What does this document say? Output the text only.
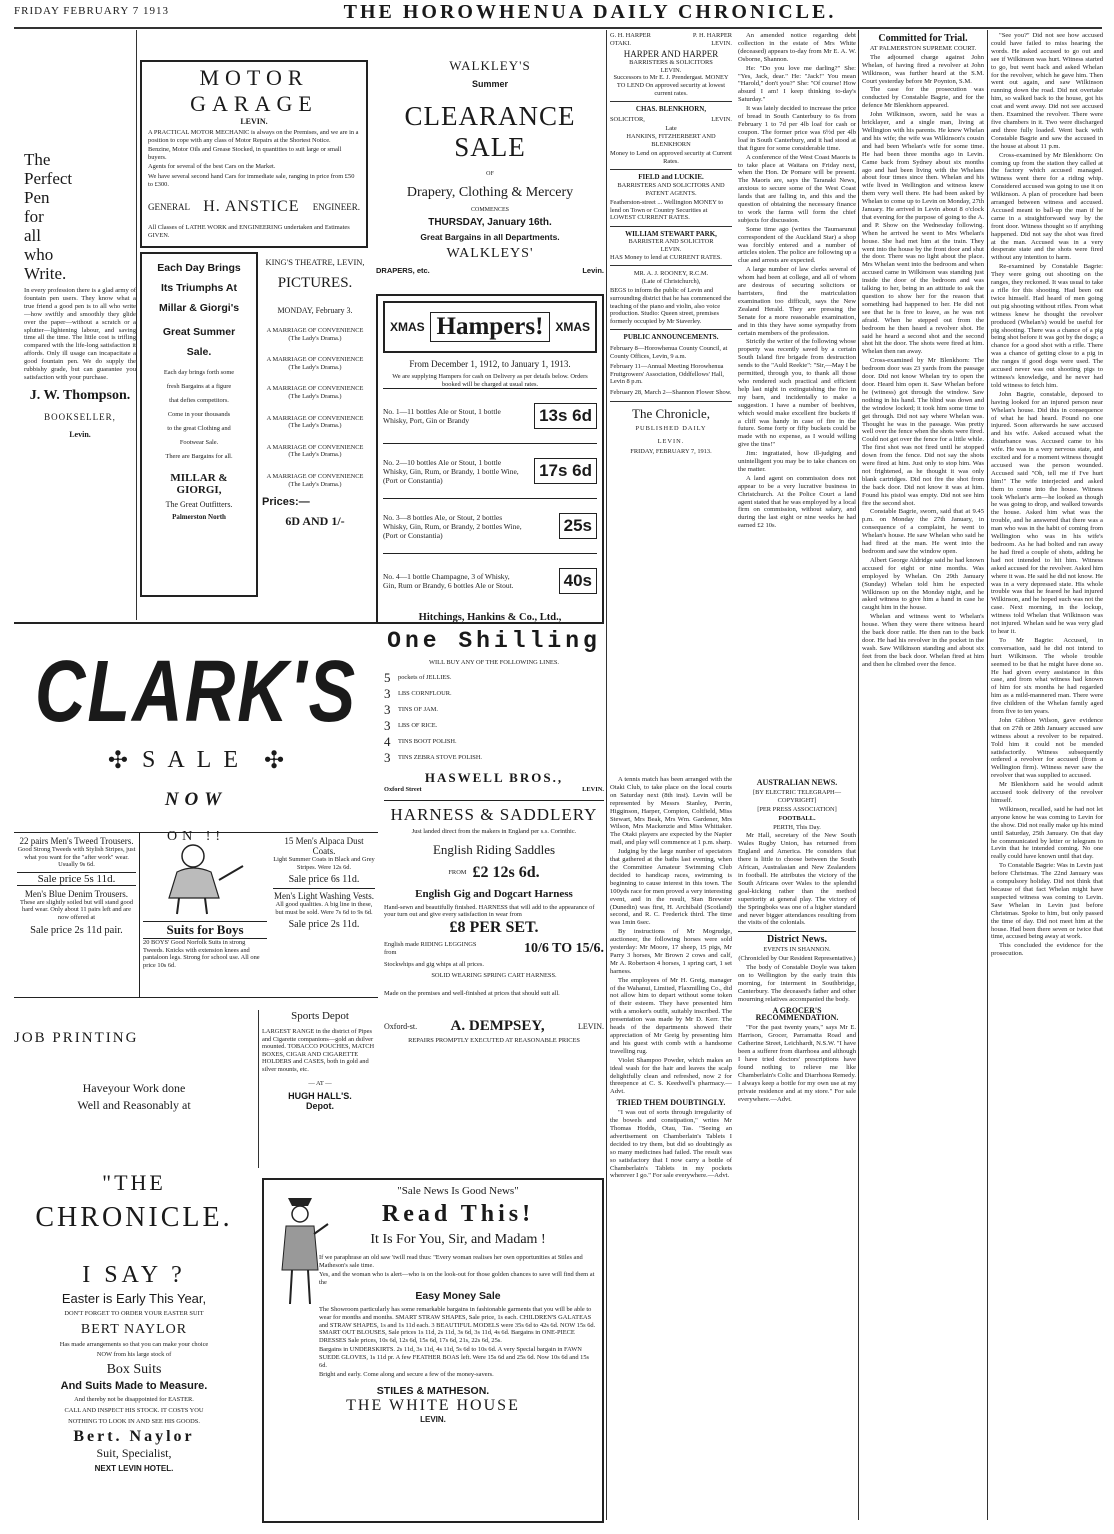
FRIDAY FEBRUARY 7 1913	THE HOROWHENUA DAILY CHRONICLE.
The
Perfect
Pen
for
all
who
Write.
In every profession there is a glad army of fountain pen users. They know what a true friend a good pen is to all who write—how swiftly and smoothly they glide over the paper—without a scratch or a splutter—lightening labour, and saving time all the time. The little cost is trifling compared with the life-long satisfaction it affords. Only ill usage can incapacitate a good fountain pen. We do supply the rubbishy grade, but can guarantee you satisfaction with your purchase.
J. W. Thompson.
BOOKSELLER,
Levin.
MOTOR GARAGE
LEVIN.
A PRACTICAL MOTOR MECHANIC is always on the Premises, and we are in a position to cope with any class of Motor Repairs at the Shortest Notice.
Benzine, Motor Oils and Grease Stocked, in quantities to suit large or small buyers.
Agents for several of the best Cars on the Market.
We have several second hand Cars for immediate sale, ranging in price from £50 to £300.
GENERAL H. ANSTICE ENGINEER.
All Classes of LATHE WORK and ENGINEERING undertaken and Estimates GIVEN.
Each Day Brings
Its Triumphs At
Millar & Giorgi's
Great Summer
Sale.
Each day brings forth some
fresh Bargains at a figure
that defies competitors.
Come in your thousands
to the great Clothing and
Footwear Sale.
There are Bargains for all.
MILLAR & GIORGI,
The Great Outfitters.
Palmerston North
KING'S THEATRE, LEVIN,
PICTURES.
MONDAY, February 3.
A MARRIAGE OF CONVENIENCE
(The Lady's Drama.)
A MARRIAGE OF CONVENIENCE
(The Lady's Drama.)
A MARRIAGE OF CONVENIENCE
(The Lady's Drama.)
A MARRIAGE OF CONVENIENCE
(The Lady's Drama.)
A MARRIAGE OF CONVENIENCE
(The Lady's Drama.)
A MARRIAGE OF CONVENIENCE
(The Lady's Drama.)
Prices:—
6D AND 1/-
WALKLEY'S
Summer
CLEARANCE SALE
OF
Drapery, Clothing & Mercery
COMMENCES
THURSDAY, January 16th.
Great Bargains in all Departments.
WALKLEYS'
DRAPERS, etc.	Levin.
XMAS Hampers! XMAS
From December 1, 1912, to January 1, 1913.
We are supplying Hampers for cash on Delivery as per details below. Orders booked will be charged at usual rates.
No. 1—11 bottles Ale or Stout, 1 bottle Whisky, Port, Gin or Brandy	13s 6d
No. 2—10 bottles Ale or Stout, 1 bottle Whisky, Gin, Rum, or Brandy, 1 bottle Wine, (Port or Constantia)	17s 6d
No. 3—8 bottles Ale, or Stout, 2 bottles Whisky, Gin, Rum, or Brandy, 2 bottles Wine, (Port or Constantia)	25s
No. 4—1 bottle Champagne, 3 of Whisky, Gin, Rum or Brandy, 6 bottles Ale or Stout.	40s
Hitchings, Hankins & Co., Ltd.,
CLARK'S
✣ SALE ✣
NOW
ON !!
22 pairs Men's Tweed Trousers.
Good Strong Tweeds with Stylish Stripes, just what you want for the "after work" wear. Usually 9s 6d.
Sale price 5s 11d.
Men's Blue Denim Trousers.
These are slightly soiled but will stand good hard wear. Only about 11 pairs left and are now offered at
Sale price 2s 11d pair.	Suits for Boys
20 BOYS' Good Norfolk Suits in strong Tweeds. Knicks with extension knees and pantaloon legs. Strong for school use. All one price 10s 6d.
15 Men's Alpaca Dust Coats.
Light Summer Coats in Black and Grey Stripes. Were 12s 6d.
Sale price 6s 11d.
Men's Light Washing Vests.
All good qualities. A big line in these, but must be sold. Were 7s 6d to 9s 6d.
Sale price 2s 11d.
One Shilling
WILL BUY ANY OF THE FOLLOWING LINES.
5	pockets of JELLIES.
3	LBS CORNFLOUR.
3	TINS OF JAM.
3	LBS OF RICE.
4	TINS BOOT POLISH.
3	TINS ZEBRA STOVE POLISH.
HASWELL BROS.,
Oxford Street	LEVIN.
HARNESS & SADDLERY
Just landed direct from the makers in England per s.s. Corinthic.
English Riding Saddles
FROM £2 12s 6d.
English Gig and Dogcart Harness
Hand-sewn and beautifully finished. HARNESS that will add to the appearance of your turn out and give every satisfaction in wear from
£8 PER SET.
English made RIDING LEGGINGS from	10/6 TO 15/6.
Stockwhips and gig whips at all prices.
SOLID WEARING SPRING CART HARNESS.
Made on the premises and well-finished at prices that should suit all.
Oxford-st. A. DEMPSEY,	LEVIN.
REPAIRS PROMPTLY EXECUTED AT REASONABLE PRICES
Sports Depot
LARGEST RANGE in the district of Pipes and Cigarette companions—gold an dsilver mounted. TOBACCO POUCHES, MATCH BOXES, CIGAR AND CIGARETTE HOLDERS and CASES, both in gold and silver mounts, etc.
— AT —
HUGH HALL'S.
Depot.
JOB PRINTING
Haveyour Work done
Well and Reasonably at
"THE
CHRONICLE.
I SAY ?
Easter is Early This Year,
DON'T FORGET TO ORDER YOUR EASTER SUIT
BERT NAYLOR
Has made arrangements so that you can make your choice
NOW from his large stock of
Box Suits
And Suits Made to Measure.
And thereby not be disappointed for EASTER.
CALL AND INSPECT HIS STOCK. IT COSTS YOU
NOTHING TO LOOK IN AND SEE HIS GOODS.
Bert. Naylor
Suit, Specialist,
NEXT LEVIN HOTEL.
"Sale News Is Good News"
Read This!
It Is For You, Sir, and Madam !
If we paraphrase an old saw 'twill read thus: "Every woman realises her own opportunities at Stiles and Matheson's sale time.
Yes, and the woman who is alert—who is on the look-out for those golden chances to save will find them at the
Easy Money Sale
The Showroom particularly has some remarkable bargains in fashionable garments that you will be able to wear for months and months. SMART STRAW SHAPES, Sale price, 1s each. CHILDREN'S GALATEAS and STRAW SHAPES, 1s and 1s 11d each. 3 BEAUTIFUL MODELS were 35s 6d to 42s 6d. NOW 15s 6d. SMART OUT BLOUSES, Sale prices 1s 11d, 2s 11d, 3s 6d, 3s 11d, 4s 6d. Bargains in ONE-PIECE DRESSES Sale prices, 10s 6d, 12s 6d, 15s 6d, 17s 6d, 21s, 22s 6d, 25s.
Bargains in UNDERSKIRTS. 2s 11d, 3s 11d, 4s 11d, 5s 6d to 10s 6d. A very Special bargain in FAWN SUEDE GLOVES, 1s 11d pr. A few FEATHER BOAS left. Were 15s 6d and 25s 6d. Now 10s 6d and 15s 6d.
Bright and early. Come along and secure a few of the money-savers.
STILES & MATHESON.
THE WHITE HOUSE
LEVIN.
G. H. HARPER	P. H. HARPER
OTAKI.	LEVIN.
HARPER AND HARPER
BARRISTERS & SOLICITORS
LEVIN.
Successors to Mr E. J. Prendergast. MONEY TO LEND On approved security at lowest current rates.
CHAS. BLENKHORN,
SOLICITOR,	LEVIN.
Late
HANKINS, FITZHERBERT AND BLENKHORN
Money to Lend on approved security at Current Rates.
FIELD and LUCKIE.
BARRISTERS AND SOLICITORS AND PATENT AGENTS.
Featherston-street ... Wellington MONEY to lend on Town or Country Securities at LOWEST CURRENT RATES.
WILLIAM STEWART PARK,
BARRISTER AND SOLICITOR
LEVIN.
HAS Money to lend at CURRENT RATES.
MR. A. J. ROONEY, R.C.M.
(Late of Christchurch),
BEGS to inform the public of Levin and surrounding district that he has commenced the teaching of the piano and violin, also voice production. Studio: Queen street, premises formerly occupied by Mr Staverley.
PUBLIC ANNOUNCEMENTS.
February 8—Horowhenua County Council, at County Offices, Levin, 9 a.m.
February 11—Annual Meeting Horowhenua Fruitgrowers' Association, Oddfellows' Hall, Levin 8 p.m.
February 28, March 2—Shannon Flower Show.
The Chronicle,
PUBLISHED DAILY
LEVIN.
FRIDAY, FEBRUARY 7, 1913.

An amended notice regarding debt collection in the estate of Mrs White (deceased) appears to-day from Mr E. A. W. Osborne, Shannon.

He: "Do you love me darling?" She: "Yes, Jack, dear." He: "Jack!" You mean "Harold," don't you?" She: "Of course! How absurd I am! I keep thinking to-day's Saturday."

It was lately decided to increase the price of bread in South Canterbury to 6s from February 1 to 7d per 4lb loaf for cash or coupon. The former price was 6½d per 4lb loaf in South Canterbury, and it had stood at that figure for some considerable time.

A conference of the West Coast Maoris is to take place at Waitara on Friday next, when the Hon. Dr Pomare will be present. The Maoris are, says the Taranaki News, anxious to secure some of the West Coast lands that are falling in, and this and the question of obtaining the necessary finance to work the farms will form the chief subjects for discussion.

Some time ago (writes the Taumarunui correspondent of the Auckland Star) a shop was forcibly entered and a number of articles stolen. The police are following up a clue and arrests are expected.

A large number of law clerks several of whom had been at college, and all of whom are desirous of securing solicitors or barristers, find the matriculation examination too difficult, says the New Zealand Herald. They are pressing the Senate for a more reasonable examination, and in this they have some sympathy from certain members of the profession.

Strictly the writer of the following whose property was recently saved by a certain South Island fire brigade from destruction sends to the "Auld Reekie": "Sir,—May I be permitted, through you, to thank all those who rendered such practical and efficient help last night in extinguishing the fire in my barn, and incidentally to make a suggestion. I have a number of beehives, which would make excellent fire buckets if a cliff was handy in case of fire in the future. Some forty or fifty buckets could be made with no expense, as I would willing give the tins!"

Jim: ingratiated, how ill-judging and unintelligent you may be to take chances on the matter.

A land agent on commission does not appear to be a very lucrative business in Christchurch. At the Police Court a land agent stated that he was employed by a local firm on commission, without salary, and during the last eight or nine weeks he had earned £2 10s.

A tennis match has been arranged with the Otaki Club, to take place on the local courts on Saturday next (8th inst). Levin will be represented by Messrs Stanley, Perrin, Higginson, Harper, Compton, Coltfield, Miss Stewart, Mrs Beak, Mrs Wm. Gardener, Mrs Wilson, Mrs Mackenzie and Miss Whittaker. The Otaki players are expected by the Napier mail, and play will commence at 1 p.m. sharp.

Judging by the large number of spectators that gathered at the baths last evening, when the Committee Amateur Swimming Club decided to handicap races, swimming is beginning to cause interest in this town. The 100yds race for men proved a very interesting event, and in the result, Stan Brewster (Dunedin) was first, H. Archibald (Scotland) second, and R. C. Frederick third. The time was 1min 6sec.

By instructions of Mr Mogrudge, auctioneer, the following horses were sold yesterday: Mr Moore, 17 sheep, 15 pigs, Mr Parry 3 horses, Mr Brown 2 cows and calf, Mr A. Robertson 4 horses, 1 spring cart, 1 set harness.

The employees of Mr H. Greig, manager of the Wahanui, Limited, Flaxmilling Co., did not allow him to depart without some token of their esteem. They have presented him with a smoker's outfit, suitably inscribed. The presentation was made by Mr D. Kerr. The heads of the departments showed their appreciation of Mr Greig by presenting him and his guest with comb with a handsome travelling rug.

Violet Shampoo Powder, which makes an ideal wash for the hair and leaves the scalp delightfully clean and refreshed, now 2 for threepence at C. S. Keedwell's pharmacy.—Advt.

TRIED THEM DOUBTINGLY.

"I was out of sorts through irregularity of the bowels and constipation," writes Mr Thomas Hodds, Otau, Tas. "Seeing an advertisement on Chamberlain's Tablets I decided to try them, but did so doubtingly as so many medicines had failed. The result was so satisfactory that I now carry a bottle of Chamberlain's Tablets in my pockets wherever I go." For sale everywhere.—Advt.

AUSTRALIAN NEWS.
[BY ELECTRIC TELEGRAPH—COPYRIGHT]
[PER PRESS ASSOCIATION]
FOOTBALL.
PERTH, This Day.

Mr Hall, secretary of the New South Wales Rugby Union, has returned from England and America. He considers that there is little to choose between the South African, Australasian and New Zealanders in football. He attributes the victory of the South Africans over Wales to the splendid goal-kicking rather than the method superiority at general play. The victory of the Springboks was one of a higher standard and never bigger attendances resulting from the visits of the colonials.

District News.
EVENTS IN SHANNON.
(Chronicled by Our Resident Representative.)

The body of Constable Doyle was taken on to Wellington by the early train this morning, for interment in Southbridge, Canterbury. The deceased's father and other mourning relatives accompanied the body.

A GROCER'S RECOMMENDATION.

"For the past twenty years," says Mr E. Harrison, Grocer, Parramatta Road and Catherine Street, Leichhardt, N.S.W. "I have been a sufferer from diarrhoea and although I have tried doctors' prescriptions have found nothing to relieve me like Chamberlain's Colic and Diarrhoea Remedy. I always keep a bottle for my own use at my private residence and at my store." For sale everywhere.—Advt.

Committed for Trial.
AT PALMERSTON SUPREME COURT.

The adjourned charge against John Whelan, of having fired a revolver at John Wilkinson, was further heard at the S.M. Court yesterday before Mr Poynton, S.M.

The case for the prosecution was conducted by Constable Bagrie, and for the defence Mr Blenkhorn appeared.

John Wilkinson, sworn, said he was a bricklayer, and a single man, living at Wellington with his parents. He knew Whelan and his wife; the wife was Wilkinson's cousin and had been Whelan's wife for some time. He had been three months ago in Levin. Came back from Sydney about six months ago and had been living with the Whelans about four times since then. Whelan and his wife lived in Wellington and witness knew them very well there. He had been asked by Whelan to come up to Levin on Monday, 27th January. He arrived in Levin about 8 o'clock that evening for the purpose of going to the A. and P. Show on the Wednesday following. When he arrived he went to Mrs Whelan's house. She had met him at the train. They went into the house by the front door and shut the door. There was no light about the place. Mrs Whelan went into the bedroom and when accused came in Wilkinson was standing just inside the door of the bedroom and was talking to her, being in an attitude to ask the question to show her for the reason that something had happened to her. He did not see that he is free to leave, as he was not afraid. When he stepped out from the bedroom he then heard a revolver shot. He said he heard a second shot and the second shot hit the door. The shots were fired at him. Whelan then ran away.

Cross-examined by Mr Blenkhorn: The bedroom door was 23 yards from the passage door. Did not know Whelan try to open the door. Heard him open it. Saw Whelan before he (witness) got through the window. Saw nothing in his hand. The blind was down and the window locked; it took him some time to get through. Did not say where Whelan was. Thought he was in the passage. Was pretty well over the fence when the shots were fired. Could not get over the fence for a little while. The first shot was not fired until he stopped down from the fence. Did not say the shots were fired at him. Just only to stop him. Was not frightened, as he thought it was only blank cartridges. Did not fire the shot from the back door. Did not know it was at him. Found his pistol was empty. Did not see him fire the second shot.

Constable Bagrie, sworn, said that at 9.45 p.m. on Monday the 27th January, in consequence of a complaint, he went to Whelan's house. He saw Whelan who said he had fired at the man. He went into the bedroom and saw the window open.

Albert George Aldridge said he had known accused for eight or nine months. Was employed by Whelan. On 29th January (Sunday) Whelan told him he expected Wilkinson up on the Monday night, and he asked witness to give him a hand in case he caught him in the house.

Whelan and witness went to Whelan's house. When they were there witness heard the back door rattle. He then ran to the back door. He had his revolver in the pocket in the wash. Saw Wilkinson standing and about six feet from the back door. Whelan fired at him and then he climbed over the fence.

"See you?" Did not see how accused could have failed to miss hearing the words. He asked accused to go out and see if Wilkinson was hurt. Witness started to go, but went back and asked Whelan for the revolver, which he gave him. Then went out again, and saw Wilkinson running down the road. Did not overtake him, so walked back to the house, got his coat and went away. Did not see accused then. Examined the revolver. There were five chambers in it. Two were discharged and three fully loaded. Went back with Constable Bagrie and saw the accused in the house at about 11 p.m.

Cross-examined by Mr Blenkhorn: On coming up from the station they called at the factory which accused managed. Witness went there for a riding whip. Considered accused was going to use it on Wilkinson. A plan of procedure had been arranged between witness and accused. Accused meant to ball-up the man if he came in a straightforward way by the front door. Witness thought so if anything happened. Did not say the shot was fired at the man. Accused was in a very desperate state and the shots were fired without any intention to harm.

Re-examined by Constable Bagrie: They were going out shooting on the ranges, they reckoned. It was usual to take a rifle for this shooting. Had been out twice himself. Had heard of men going out pig shooting without rifles. From what witness knew he thought the revolver produced (Whelan's) would be useful for pig shooting. There was a chance of a pig being shot before it was got by the dogs; a chance for a good shot with a rifle. There was a chance of getting close to a pig in the ranges if good dogs were used. The accused never was out shooting pigs to witness's knowledge, and he never had told witness to fetch him.

John Bagrie, constable, deposed to having looked for an injured person near Whelan's house. Did this in consequence of what he had heard. Found no one injured. Soon afterwards he saw accused and his wife. Asked accused what the disturbance was. Accused came to his wife. He was in a very nervous state, and excited and for a moment witness thought accused was the person wounded. Accused said "Oh, tell me if I've hurt him!" The wife interjected and asked them to come into the house. Witness took Whelan's arm—he looked as though he was going to drop, and walked towards the house. Asked him what was the trouble, and he answered that there was a man who was in the habit of coming from Wellington who was in his wife's bedroom. As he had bolted and ran away he had fired a couple of shots, adding he had not intended to hit him. Witness asked accused for the revolver. Asked him where it was. He said he did not know. He was in a very depressed state. His whole trouble was that he feared he had injured Wilkinson, and he hoped such was not the case. Next morning, in the lockup, witness told Whelan that Wilkinson was not injured. Whelan said he was very glad to hear it.

To Mr Bagrie: Accused, in conversation, said he did not intend to hurt Wilkinson. The whole trouble seemed to be that he might have done so. He had given every assistance in this case, and from what witness had known of him for six months he had regarded him as a mild-mannered man. There were five children of the Whelan family aged from five to ten years.

John Gibbon Wilson, gave evidence that on 27th or 28th January accused saw witness about a revolver to be repaired. Told him it could not be mended satisfactorily. Witness subsequently ordered a revolver for accused (from a Wellington firm). Witness never saw the revolver that was supplied to accused.

Mr Blenkhorn said he would admit accused took delivery of the revolver himself.

Wilkinson, recalled, said he had not let anyone know he was coming to Levin for the show. Did not really make up his mind until Saturday, 25th January. On that day he communicated by letter or telegram to Levin that he intended coming. No one really could have known until that day.

To Constable Bagrie: Was in Levin just before Christmas. The 22nd January was a compulsory holiday. Did not think that because of that fact Whelan might have suspected witness was coming to Levin. Saw Whelan in Levin just before Christmas. Spoke to him, but only passed the time of day. Did not meet him at the house. Had been there seven or twice that time, accused being away at work.

This concluded the evidence for the prosecution.
